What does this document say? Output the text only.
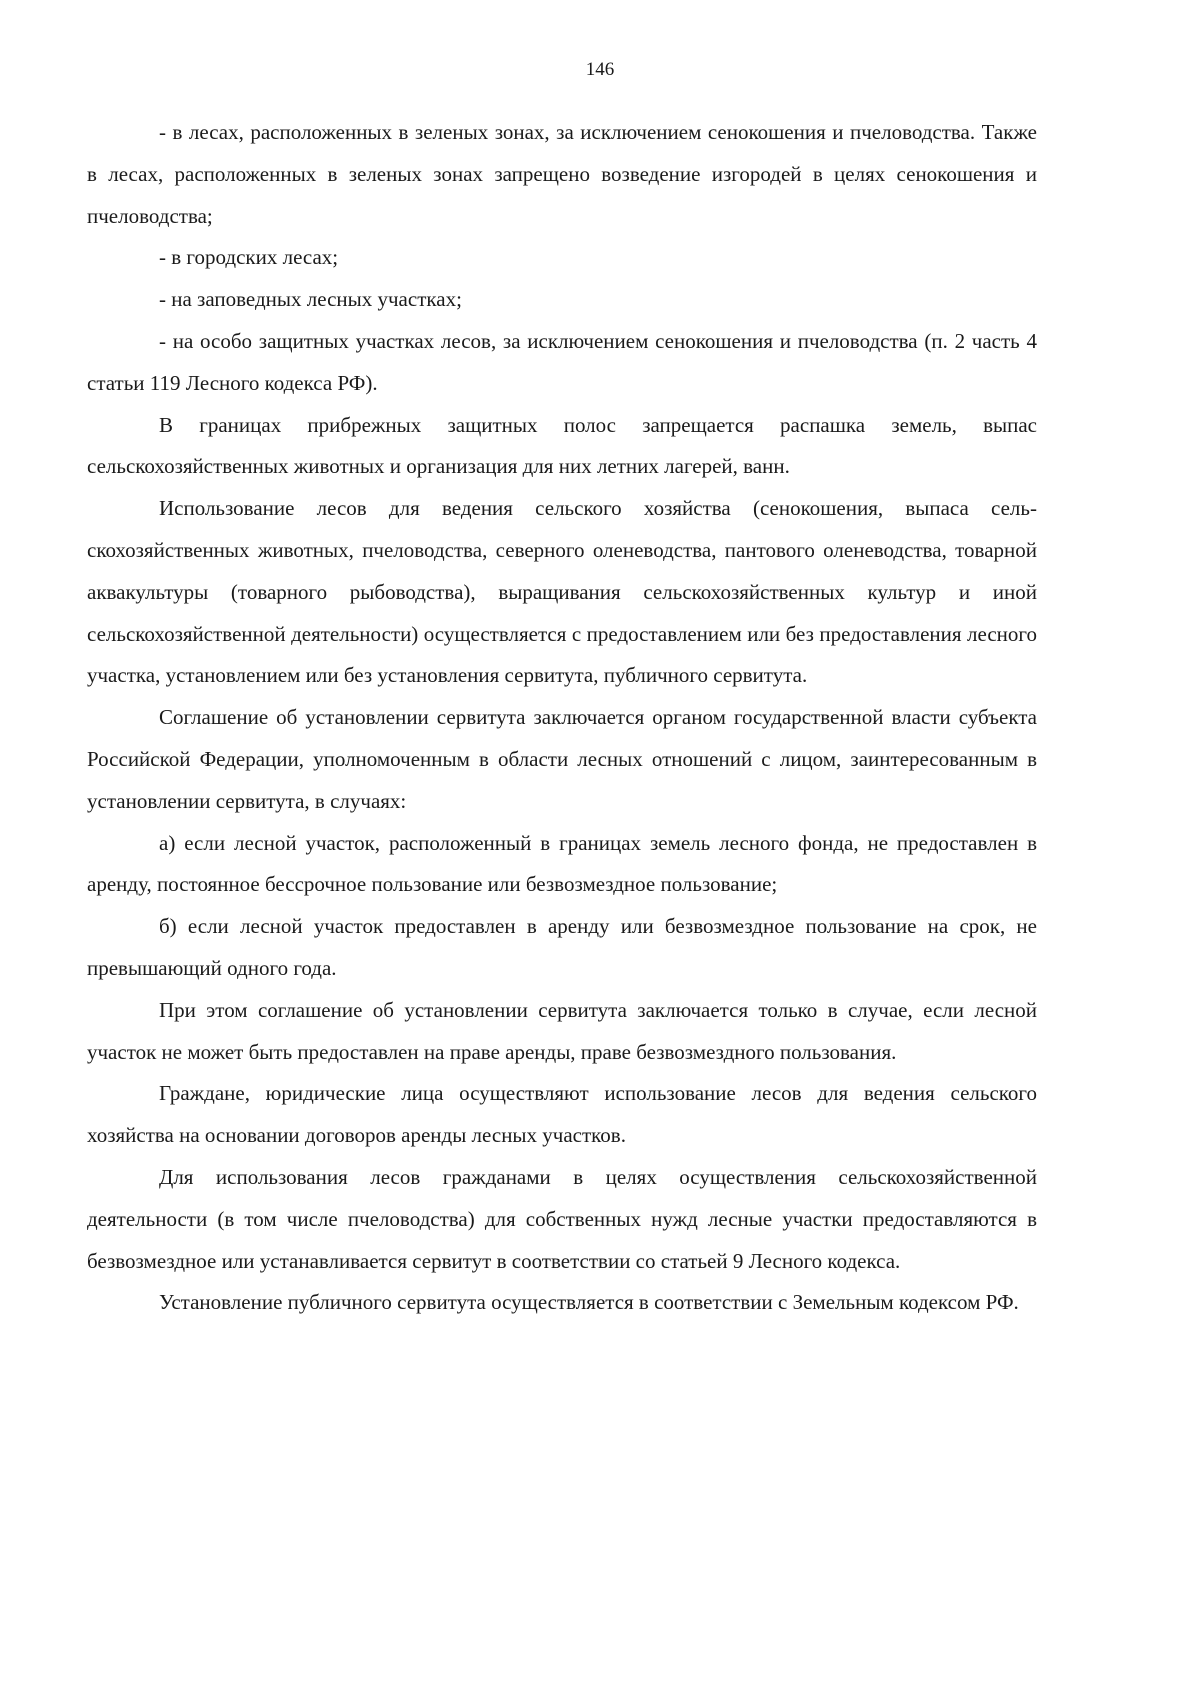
146

- в лесах, расположенных в зеленых зонах, за исключением сенокошения и пчеловодства. Также в лесах, расположенных в зеленых зонах запрещено возведение изгородей в целях сенокошения и пчеловодства;

- в городских лесах;

- на заповедных лесных участках;

- на особо защитных участках лесов, за исключением сенокошения и пчеловодства (п. 2 часть 4 статьи 119 Лесного кодекса РФ).

В границах прибрежных защитных полос запрещается распашка земель, выпас сельскохозяйственных животных и организация для них летних лагерей, ванн.

Использование лесов для ведения сельского хозяйства (сенокошения, выпаса сельскохозяйственных животных, пчеловодства, северного оленеводства, пантового оленеводства, товарной аквакультуры (товарного рыбоводства), выращивания сельскохозяйственных культур и иной сельскохозяйственной деятельности) осуществляется с предоставлением или без предоставления лесного участка, установлением или без установления сервитута, публичного сервитута.

Соглашение об установлении сервитута заключается органом государственной власти субъекта Российской Федерации, уполномоченным в области лесных отношений с лицом, заинтересованным в установлении сервитута, в случаях:

а) если лесной участок, расположенный в границах земель лесного фонда, не предоставлен в аренду, постоянное бессрочное пользование или безвозмездное пользование;

б) если лесной участок предоставлен в аренду или безвозмездное пользование на срок, не превышающий одного года.

При этом соглашение об установлении сервитута заключается только в случае, если лесной участок не может быть предоставлен на праве аренды, праве безвозмездного пользования.

Граждане, юридические лица осуществляют использование лесов для ведения сельского хозяйства на основании договоров аренды лесных участков.

Для использования лесов гражданами в целях осуществления сельскохозяйственной деятельности (в том числе пчеловодства) для собственных нужд лесные участки предоставляются в безвозмездное или устанавливается сервитут в соответствии со статьей 9 Лесного кодекса.

Установление публичного сервитута осуществляется в соответствии с Земельным кодексом РФ.
